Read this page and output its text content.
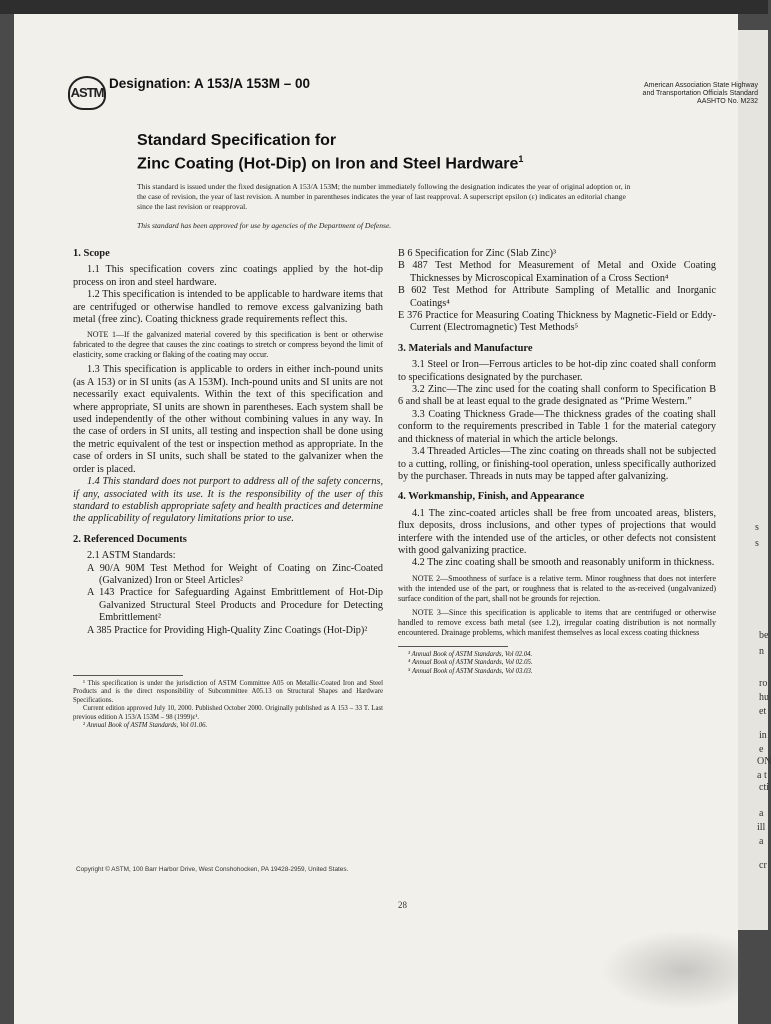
s
s
be
n
ro
hu
et
in
e
ON
a t
cti
a
ill
a
cr
ASTM
Designation: A 153/A 153M – 00	American Association State Highway
and Transportation Officials Standard
AASHTO No. M232
Standard Specification for
Zinc Coating (Hot-Dip) on Iron and Steel Hardware$^1$
This standard is issued under the fixed designation A 153/A 153M; the number immediately following the designation indicates the year of original adoption or, in the case of revision, the year of last revision. A number in parentheses indicates the year of last reapproval. A superscript epsilon (ε) indicates an editorial change since the last revision or reapproval.
This standard has been approved for use by agencies of the Department of Defense.
1. Scope

1.1 This specification covers zinc coatings applied by the hot-dip process on iron and steel hardware.

1.2 This specification is intended to be applicable to hardware items that are centrifuged or otherwise handled to remove excess galvanizing bath metal (free zinc). Coating thickness grade requirements reflect this.

NOTE 1—If the galvanized material covered by this specification is bent or otherwise fabricated to the degree that causes the zinc coatings to stretch or compress beyond the limit of elasticity, some cracking or flaking of the coating may occur.

1.3 This specification is applicable to orders in either inch-pound units (as A 153) or in SI units (as A 153M). Inch-pound units and SI units are not necessarily exact equivalents. Within the text of this specification and where appropriate, SI units are shown in parentheses. Each system shall be used independently of the other without combining values in any way. In the case of orders in SI units, all testing and inspection shall be done using the metric equivalent of the test or inspection method as appropriate. In the case of orders in SI units, such shall be stated to the galvanizer when the order is placed.

1.4 This standard does not purport to address all of the safety concerns, if any, associated with its use. It is the responsibility of the user of this standard to establish appropriate safety and health practices and determine the applicability of regulatory limitations prior to use.

2. Referenced Documents

2.1 ASTM Standards:

A 90/A 90M Test Method for Weight of Coating on Zinc-Coated (Galvanized) Iron or Steel Articles²

A 143 Practice for Safeguarding Against Embrittlement of Hot-Dip Galvanized Structural Steel Products and Procedure for Detecting Embrittlement²

A 385 Practice for Providing High-Quality Zinc Coatings (Hot-Dip)²

¹ This specification is under the jurisdiction of ASTM Committee A05 on Metallic-Coated Iron and Steel Products and is the direct responsibility of Subcommittee A05.13 on Structural Shapes and Hardware Specifications.

Current edition approved July 10, 2000. Published October 2000. Originally published as A 153 – 33 T. Last previous edition A 153/A 153M – 98 (1999)ε¹.

² Annual Book of ASTM Standards, Vol 01.06.

B 6 Specification for Zinc (Slab Zinc)³

B 487 Test Method for Measurement of Metal and Oxide Coating Thicknesses by Microscopical Examination of a Cross Section⁴

B 602 Test Method for Attribute Sampling of Metallic and Inorganic Coatings⁴

E 376 Practice for Measuring Coating Thickness by Magnetic-Field or Eddy-Current (Electromagnetic) Test Methods⁵

3. Materials and Manufacture

3.1 Steel or Iron—Ferrous articles to be hot-dip zinc coated shall conform to specifications designated by the purchaser.

3.2 Zinc—The zinc used for the coating shall conform to Specification B 6 and shall be at least equal to the grade designated as “Prime Western.”

3.3 Coating Thickness Grade—The thickness grades of the coating shall conform to the requirements prescribed in Table 1 for the material category and thickness of material in which the article belongs.

3.4 Threaded Articles—The zinc coating on threads shall not be subjected to a cutting, rolling, or finishing-tool operation, unless specifically authorized by the purchaser. Threads in nuts may be tapped after galvanizing.

4. Workmanship, Finish, and Appearance

4.1 The zinc-coated articles shall be free from uncoated areas, blisters, flux deposits, dross inclusions, and other types of projections that would interfere with the intended use of the articles, or other defects not consistent with good galvanizing practice.

4.2 The zinc coating shall be smooth and reasonably uniform in thickness.

NOTE 2—Smoothness of surface is a relative term. Minor roughness that does not interfere with the intended use of the part, or roughness that is related to the as-received (ungalvanized) surface condition of the part, shall not be grounds for rejection.

NOTE 3—Since this specification is applicable to items that are centrifuged or otherwise handled to remove excess bath metal (see 1.2), irregular coating distribution is not normally encountered. Drainage problems, which manifest themselves as local excess coating thickness

³ Annual Book of ASTM Standards, Vol 02.04.

⁴ Annual Book of ASTM Standards, Vol 02.05.

⁵ Annual Book of ASTM Standards, Vol 03.03.

Copyright © ASTM, 100 Barr Harbor Drive, West Conshohocken, PA 19428-2959, United States.
28
